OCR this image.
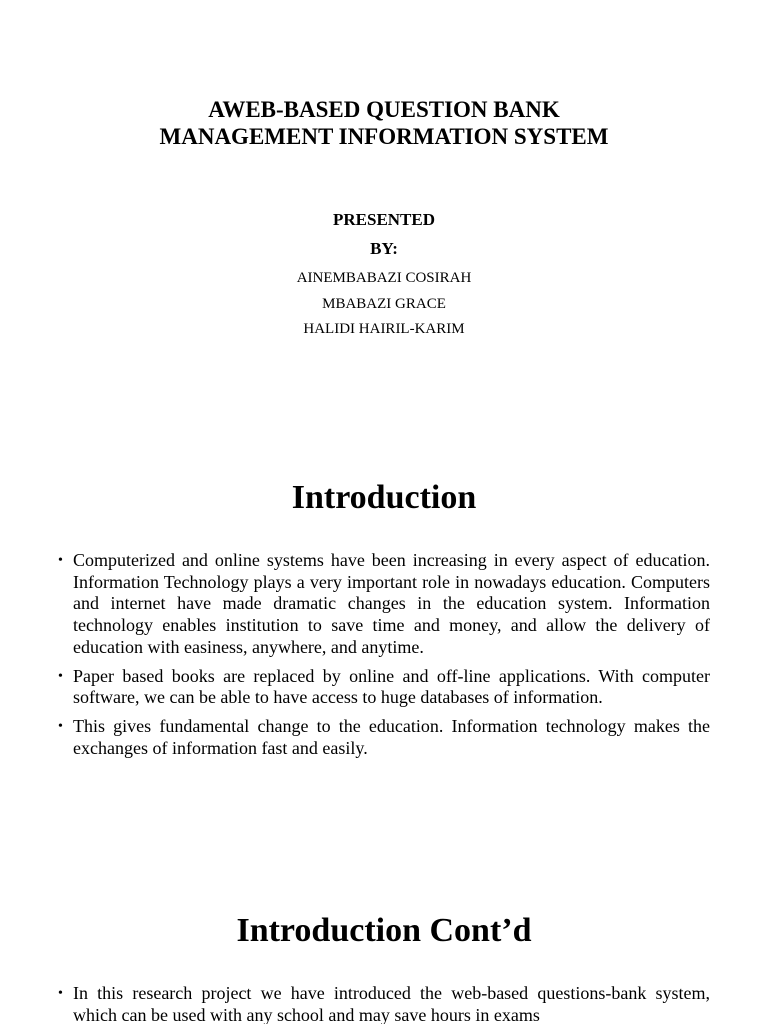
AWEB-BASED QUESTION BANK
MANAGEMENT INFORMATION SYSTEM
PRESENTED
BY:
AINEMBABAZI COSIRAH
MBABAZI GRACE
HALIDI HAIRIL-KARIM
Introduction
• Computerized and online systems have been increasing in every aspect of education. Information Technology plays a very important role in nowadays education. Computers and internet have made dramatic changes in the education system. Information technology enables institution to save time and money, and allow the delivery of education with easiness, anywhere, and anytime.
• Paper based books are replaced by online and off-line applications. With computer software, we can be able to have access to huge databases of information.
• This gives fundamental change to the education. Information technology makes the exchanges of information fast and easily.
Introduction Cont’d
• In this research project we have introduced the web-based questions-bank system, which can be used with any school and may save hours in exams
